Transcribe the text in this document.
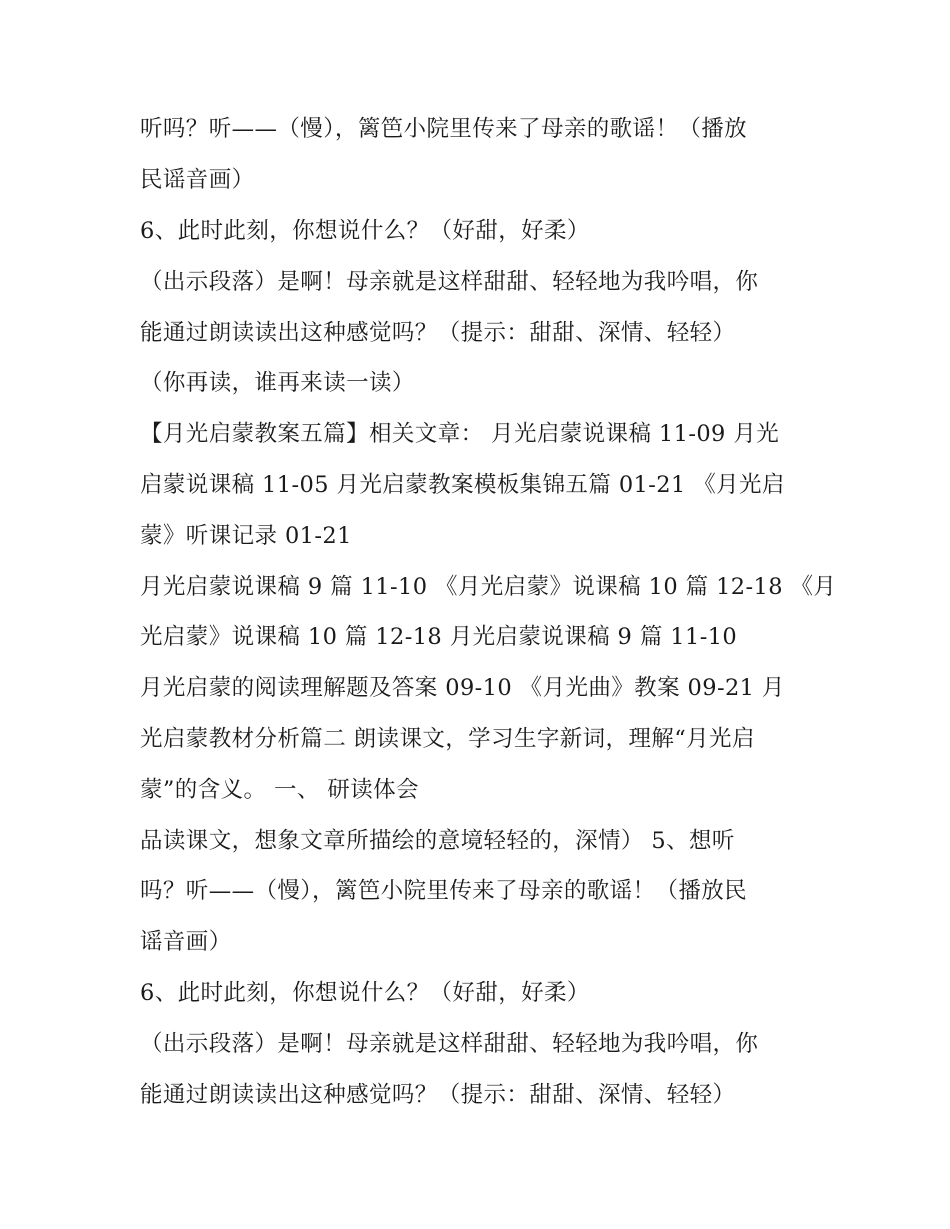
听吗？听——（慢），篱笆小院里传来了母亲的歌谣！（播放
民谣音画）
6、此时此刻，你想说什么？（好甜，好柔）
（出示段落）是啊！母亲就是这样甜甜、轻轻地为我吟唱，你
能通过朗读读出这种感觉吗？（提示：甜甜、深情、轻轻）
（你再读，谁再来读一读）
【月光启蒙教案五篇】相关文章： 月光启蒙说课稿 11-09 月光
启蒙说课稿 11-05 月光启蒙教案模板集锦五篇 01-21 《月光启
蒙》听课记录 01-21
月光启蒙说课稿 9 篇 11-10 《月光启蒙》说课稿 10 篇 12-18 《月
光启蒙》说课稿 10 篇 12-18 月光启蒙说课稿 9 篇 11-10
月光启蒙的阅读理解题及答案 09-10 《月光曲》教案 09-21 月
光启蒙教材分析篇二 朗读课文，学习生字新词，理解“月光启
蒙”的含义。 一、 研读体会
品读课文，想象文章所描绘的意境轻轻的，深情） 5、想听
吗？听——（慢），篱笆小院里传来了母亲的歌谣！（播放民
谣音画）
6、此时此刻，你想说什么？（好甜，好柔）
（出示段落）是啊！母亲就是这样甜甜、轻轻地为我吟唱，你
能通过朗读读出这种感觉吗？（提示：甜甜、深情、轻轻）
